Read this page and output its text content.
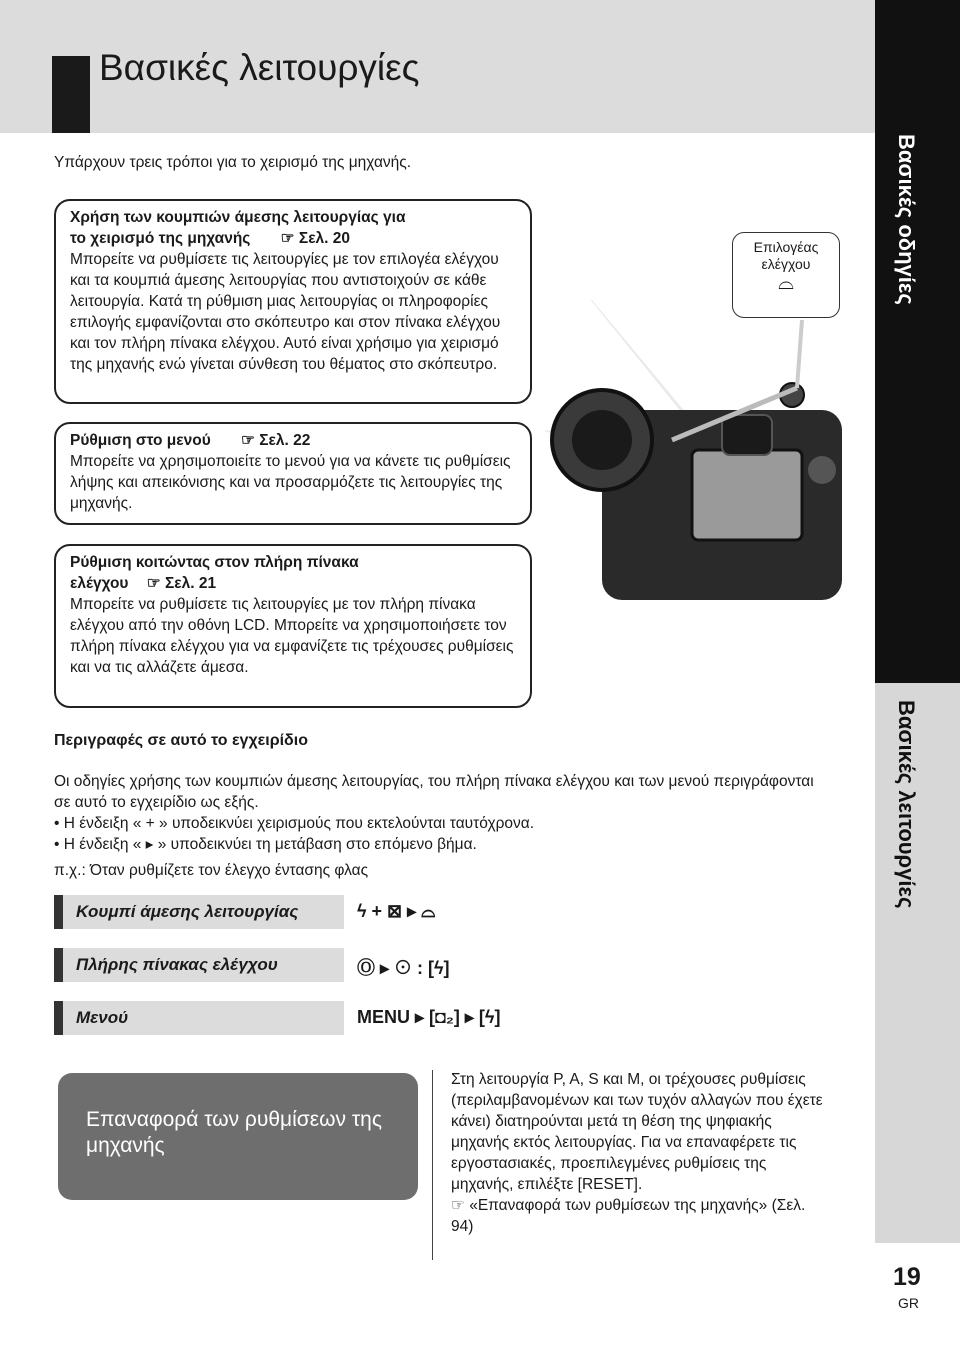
Βασικές λειτουργίες
Βασικές οδηγίες
Βασικές λειτουργίες

Υπάρχουν τρεις τρόποι για το χειρισμό της μηχανής.

Χρήση των κουμπιών άμεσης λειτουργίας για
το χειρισμό της μηχανής ☞ Σελ. 20
Μπορείτε να ρυθμίσετε τις λειτουργίες με τον επιλογέα ελέγχου και τα κουμπιά άμεσης λειτουργίας που αντιστοιχούν σε κάθε λειτουργία. Κατά τη ρύθμιση μιας λειτουργίας οι πληροφορίες επιλογής εμφανίζονται στο σκόπευτρο και στον πίνακα ελέγχου και τον πλήρη πίνακα ελέγχου. Αυτό είναι χρήσιμο για χειρισμό της μηχανής ενώ γίνεται σύνθεση του θέματος στο σκόπευτρο.
Ρύθμιση στο μενού ☞ Σελ. 22
Μπορείτε να χρησιμοποιείτε το μενού για να κάνετε τις ρυθμίσεις λήψης και απεικόνισης και να προσαρμόζετε τις λειτουργίες της μηχανής.
Ρύθμιση κοιτώντας στον πλήρη πίνακα
ελέγχου ☞ Σελ. 21
Μπορείτε να ρυθμίσετε τις λειτουργίες με τον πλήρη πίνακα ελέγχου από την οθόνη LCD. Μπορείτε να χρησιμοποιήσετε τον πλήρη πίνακα ελέγχου για να εμφανίζετε τις τρέχουσες ρυθμίσεις και να τις αλλάζετε άμεσα.
Επιλογέας ελέγχου
⌓
Περιγραφές σε αυτό το εγχειρίδιο
Οι οδηγίες χρήσης των κουμπιών άμεσης λειτουργίας, του πλήρη πίνακα ελέγχου και των μενού περιγράφονται σε αυτό το εγχειρίδιο ως εξής.
• Η ένδειξη « + » υποδεικνύει χειρισμούς που εκτελούνται ταυτόχρονα.
• Η ένδειξη « ▸ » υποδεικνύει τη μετάβαση στο επόμενο βήμα.
π.χ.: Όταν ρυθμίζετε τον έλεγχο έντασης φλας
Κουμπί άμεσης λειτουργίας	ϟ + ⊠ ▸ ⌓
Πλήρης πίνακας ελέγχου	Ⓞ ▸ ⊙ : [ϟ]
Μενού	MENU ▸ [◘₂] ▸ [ϟ]
Επαναφορά των ρυθμίσεων της μηχανής
Στη λειτουργία P, A, S και M, οι τρέχουσες ρυθμίσεις (περιλαμβανομένων και των τυχόν αλλαγών που έχετε κάνει) διατηρούνται μετά τη θέση της ψηφιακής μηχανής εκτός λειτουργίας. Για να επαναφέρετε τις εργοστασιακές, προεπιλεγμένες ρυθμίσεις της μηχανής, επιλέξτε [RESET].
☞ «Επαναφορά των ρυθμίσεων της μηχανής» (Σελ. 94)
19
GR
